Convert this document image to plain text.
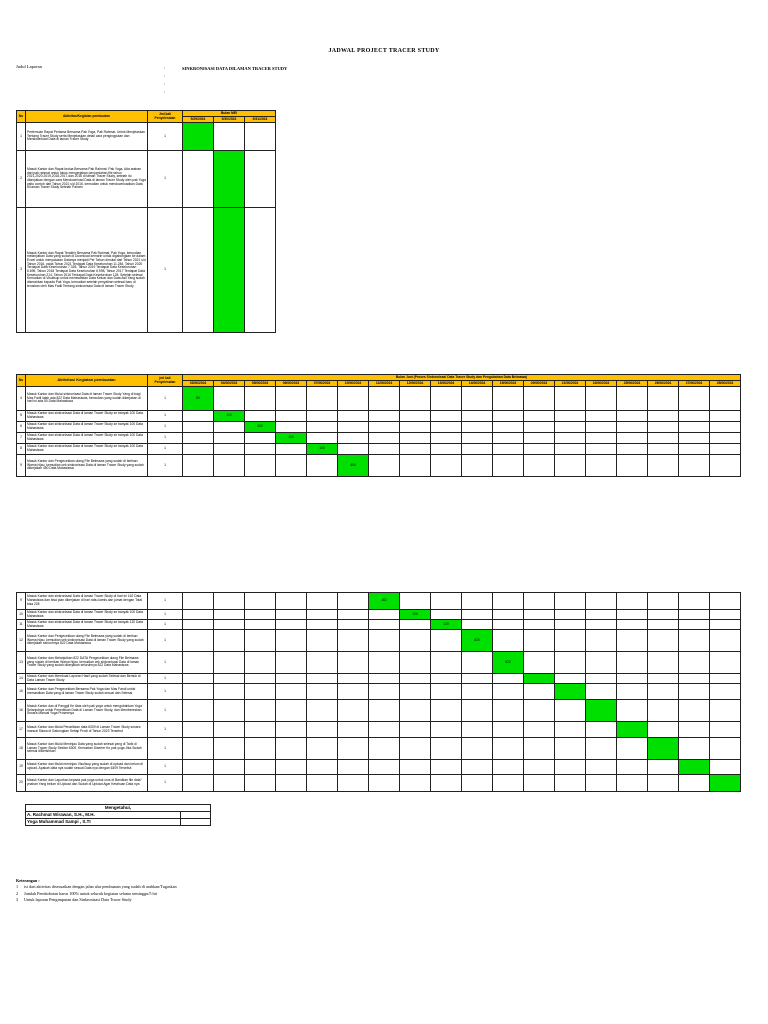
JADWAL PROJECT TRACER STUDY
Judul Laporan	:
:
:
:
SINKRONISASI DATA DILAMAN TRACER STUDY
No	Aktivitas/Kegiatan pembuatan	Jml kali Penyelesaian	Bulan MEI		
			5/29/2024	5/30/2024	5/31/2024
1	Pertemuan Rapat Pertama Bersama Pak Yoga, Pak Rahmat, Untuk Menjelaskan Tentang Tracer Study serta Menjelaskan detail cara pengingputan dan Mendownload Data di laman Tracer Study	1			
2	Masuk Kantor dan Rapat kedua Bersama Pak Rahmat, Pak Yoga, Ada arahan dari pak rahmat untuk fokus mengerjakan penjumlahan file tahun 2021,2020,2019,2018,2017,dan 2016 di laman Tracer Study, setelah itu dilanjutkan dengan cara Mendownload Data di laman Tracer Study oleh pak Yoga yaitu contoh dari Tahun 2021 s/d 2016, kemudian untuk mendownloadkan Data di laman Tracer Study Setelah Paham	1			
3	Masuk Kantor dan Rapat Terakhir Bersama Pak Rahmat, Pak Yoga, kemudian melanjutkan Data yang sudah di Download kemarin untuk digabungkan ke dalam Excel untuk menyatukan Datanya menjadi Per Tahun dimulai dari Tahun 2021 s/d Tahun 2016, pada Tahun 2021 Terdapat Data Keseluruhan 11.284, Tahun 2020 Terdapat Data Keseluruhan 7.328, Tahun 2019 Terdapat Data Keseluruhan 6.695, Tahun 2018 Terdapat Data Keseluruhan 6.998, Tahun 2017 Terdapat Data Keseluruhan 214, Tahun 2016 Terdapat Data Keseluruhan 128. Setelah selesai Kemudian di Visulisup untuk memisahkan Data Keluar dan Data Asli Yang sudah diserahkan kepada Pak Yoga, kemudian setelah penyaliran selesai baru di teruskan oleh Mas Fadil Tentang sinkronisasi Data di laman Tracer Study	1			
No	Aktivitas/ Kegiatan pembuatan	jml kali Penyelesaian	Bulan Juni (Proses Sinkronisasi Data Tracer Study dan Pengubahan Data Belmawa)																	
			03/06/2024	04/06/2024	05/06/2024	06/06/2024	07/06/2024	10/06/2024	11/06/2024	12/06/2024	13/06/2024	14/06/2024	19/06/2024	20/06/2024	21/06/2024	24/06/2024	25/06/2024	26/06/2024	27/06/2024	28/06/2024
4	Masuk Kantor dan Mulai sinkronisasi Data di laman Tracer Study Yang di bagi Mas Fadil lalah ada 822 Data Mahasiswa, kemudian yang sudah dikerjakan di hari ini ada 50 Data Mahasiswa	1	50																	
5	Masuk Kantor dan sinkronisasi Data di laman Tracer Study se banyak 100 Data Mahasiswa	1		100																
6	Masuk Kantor dan sinkronisasi Data di laman Tracer Study se banyak 100 Data Mahasiswa	1			100															
7	Masuk Kantor dan sinkronisasi Data di laman Tracer Study se banyak 100 Data Mahasiswa	1				100														
8	Masuk Kantor dan sinkronisasi Data di laman Tracer Study se banyak 100 Data Mahasiswa	1					100													
9	Masuk Kantor dan Pengecekkan ulang File Belmawa yang sudah di berikan Warna hijau, kemudian cek sinkronisasi Data di laman Tracer Study yang sudah dikerjakan 450 Data Mahasiswa	1						450												
9	Masuk Kantor dan sinkronisasi Data di laman Tracer Study di hari ini 162 Data Mahasiswa dan bisa plan dikerjakan di hari rabu,kamis,dan jumat dengan Total bisa 228	1							162											
10	Masuk Kantor dan sinkronisasi Data di laman Tracer Study se banyak 100 Data Mahasiswa	1								100										
11	Masuk Kantor dan sinkronisasi Data di laman Tracer Study se banyak 120 Data Mahasiswa	1									120									
12	Masuk Kantor dan Pengecekkan ulang File Belmawa yang sudah di berikan Warna hijau, kemudian cek sinkronisasi Data di laman Tracer Study yang sudah dikerjakan seluruhnya 822 Data Mahasiswa	1										820								
13	Masuk Kantor dan Melanjutkan 822 DATA Pengecekkan ulang File Belmawa yang sudah di berikan Warna hijau, kemudian cek sinkronisasi Data di laman Tracer Study yang sudah dikerjakan seluruhnya 822 Data Mahasiswa	1											822							
14	Masuk Kantor dan Membuat Laporan Hasil yang sudah Selesai dan Bentuk di Data Laman Tracer Study	1																		
15	Masuk Kantor dan Pengecekkan Bersama Pak Yoga dan Mas Fandi untuk memastikan Data yang di laman Tracer Study sudah sesuai dan Selesai	1																		
16	Masuk Kantor dan di Panggil Ke Atas oleh pak yoga untuk mengubahkan Yoga Selanjutnya untuk Penerikkan Data di Laman Tracer Study, dan Membereskan Secara Manual Yoga Prosesnya	1																		
17	Masuk Kantor dan Mulai Penarikkan data 6309 di Laman Tracer Study secara manual Siswa di Gabungkan Setiap Prodi di Tahun 2023 Tersebut	1																		
18	Masuk Kantor dan Mulai Meninjau Data yang sudah selesai yang di Tarik di Laman Tracer Study Sekitar 6309, Kemudian Diserter Ke pak yoga Jika Sudah selesai diBersihkan	1																		
19	Masuk Kantor dan Mulai meninjau Visulisup yang sudah di upload dan belum di upload, Apakah data nya sudah sesuai Data nya dengan 6309 Tersebut	1																		
20	Masuk Kantor dan Laporkan kepada pak yoga untuk cros di Bandkan file data" ynahan Yang belum di Upload dan Sudah di Upload Agar Ketahuan Data nya	1																		
Mengetahui,	
A. Rachmat Wirawan, S.H., M.H.	
Yoga Muhammad Sampi , S.TI	
Keterangan :
1 isi dari aktivitas disesuaikan dengan jalan alur pembuatan yang sudah di arahkan/Tugaskan
2 Jumlah Pembobotan harus 100% untuk seluruh kegiatan selama seminggu/5 hri
3 Untuk laporan Pengimputan dan Sinkronisasi Data Tracer Study
